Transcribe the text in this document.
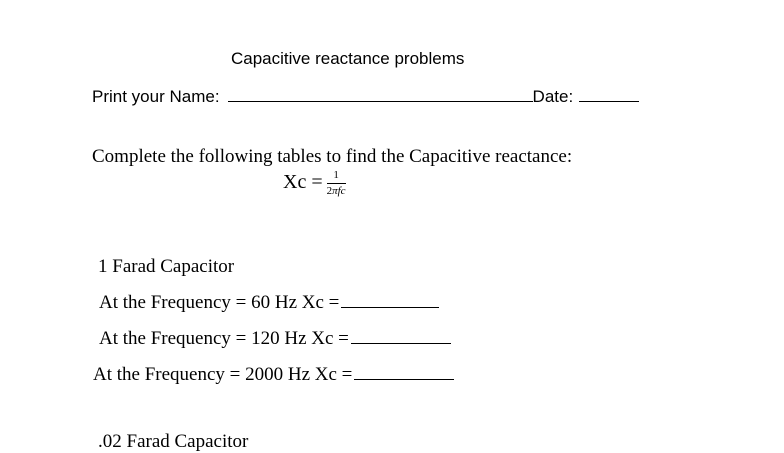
Capacitive reactance problems
Print your Name:	Date:
Complete the following tables to find the Capacitive reactance:
$Xc = \frac{1}{\text{2πfc}}$
1 Farad Capacitor
At the Frequency = 60 Hz Xc =
At the Frequency = 120 Hz Xc =
At the Frequency = 2000 Hz Xc =
.02 Farad Capacitor
